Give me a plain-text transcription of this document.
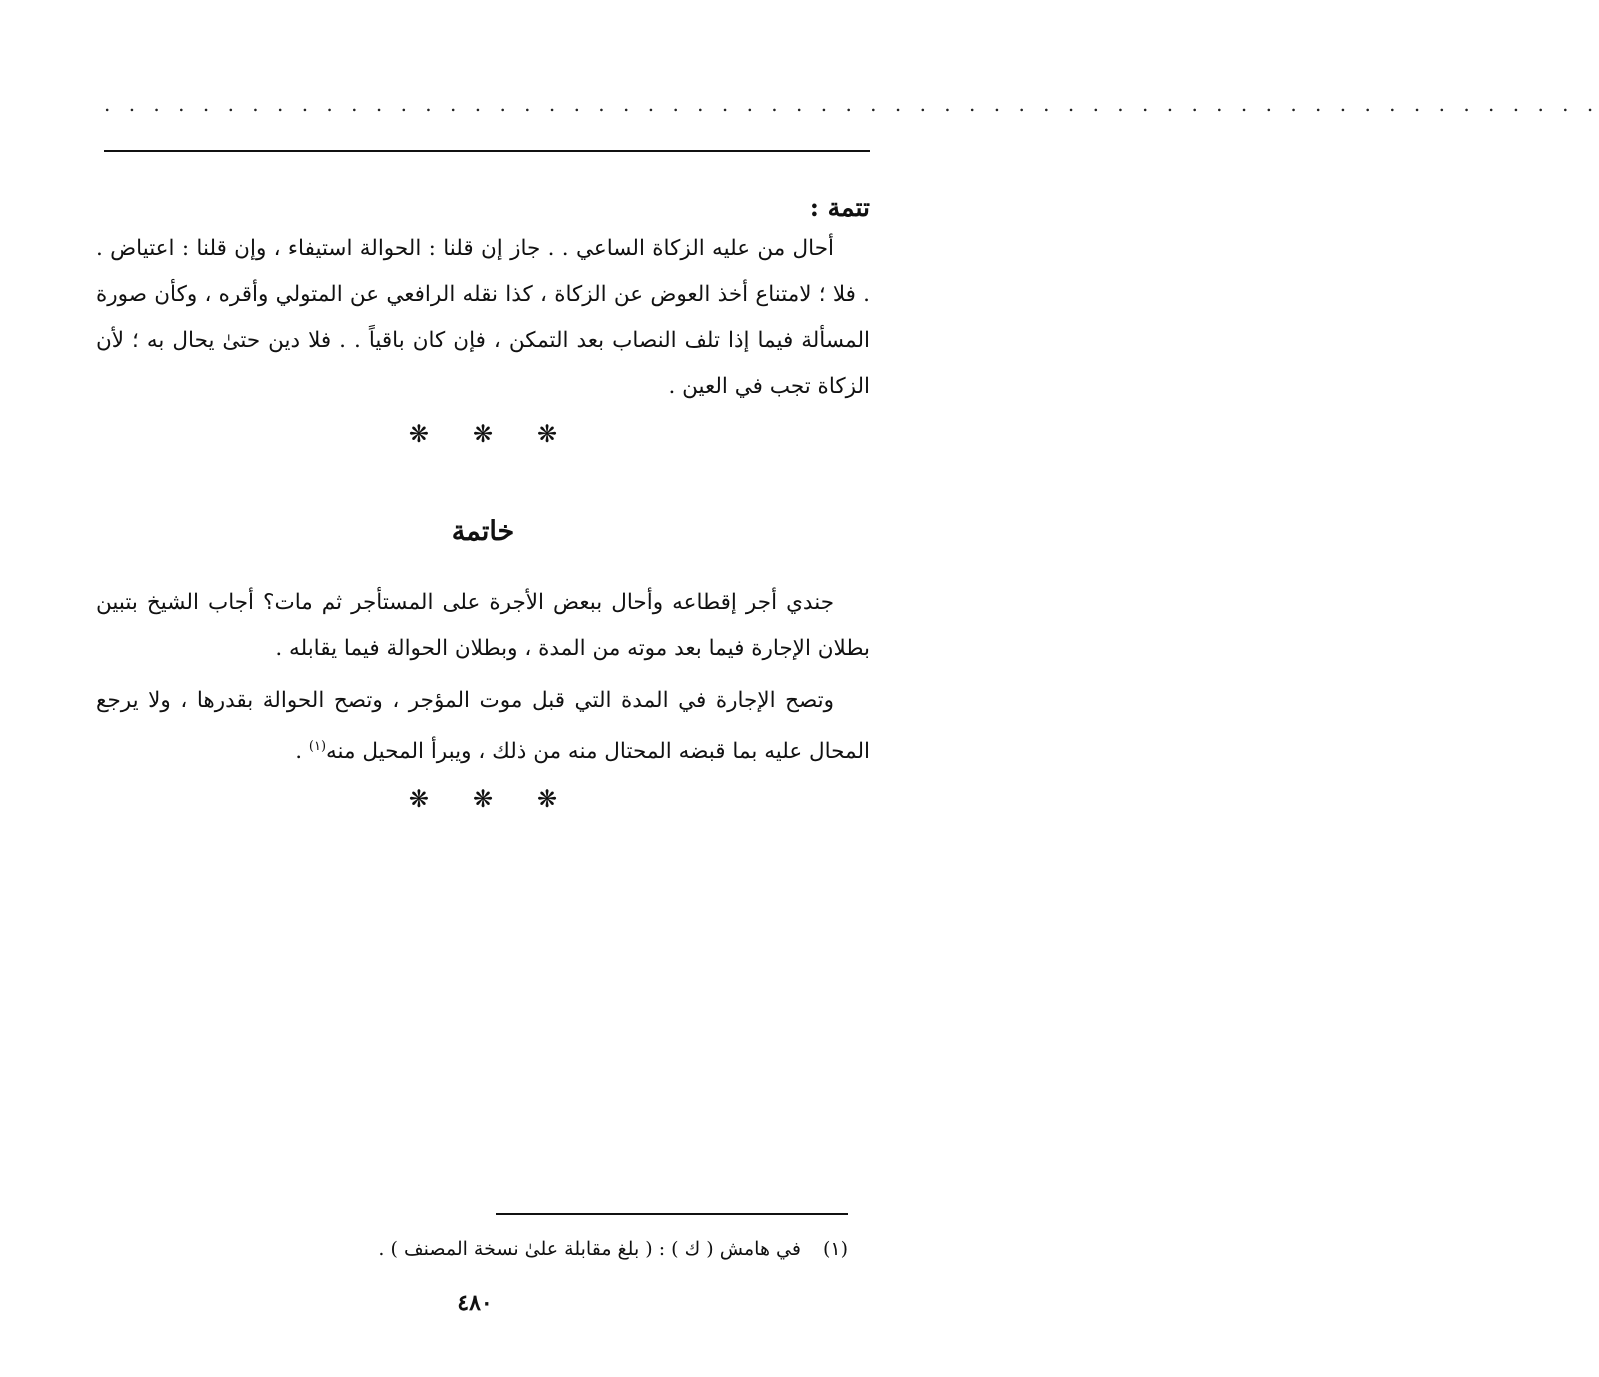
. . . . . . . . . . . . . . . . . . . . . . . . . . . . . . . . . . . . . . . . . . . . . . . . . . . . . . . . . . . . .

تتمة :

أحال من عليه الزكاة الساعي . . جاز إن قلنا : الحوالة استيفاء ، وإن قلنا : اعتياض . . فلا ؛ لامتناع أخذ العوض عن الزكاة ، كذا نقله الرافعي عن المتولي وأقره ، وكأن صورة المسألة فيما إذا تلف النصاب بعد التمكن ، فإن كان باقياً . . فلا دين حتىٰ يحال به ؛ لأن الزكاة تجب في العين .

❋ ❋ ❋

خاتمة

جندي أجر إقطاعه وأحال ببعض الأجرة على المستأجر ثم مات؟ أجاب الشيخ بتبين بطلان الإجارة فيما بعد موته من المدة ، وبطلان الحوالة فيما يقابله .

وتصح الإجارة في المدة التي قبل موت المؤجر ، وتصح الحوالة بقدرها ، ولا يرجع المحال عليه بما قبضه المحتال منه من ذلك ، ويبرأ المحيل منه$^{(١)}$ .

❋ ❋ ❋
(١)في هامش ( ك ) : ( بلغ مقابلة علىٰ نسخة المصنف ) .
٤٨٠
